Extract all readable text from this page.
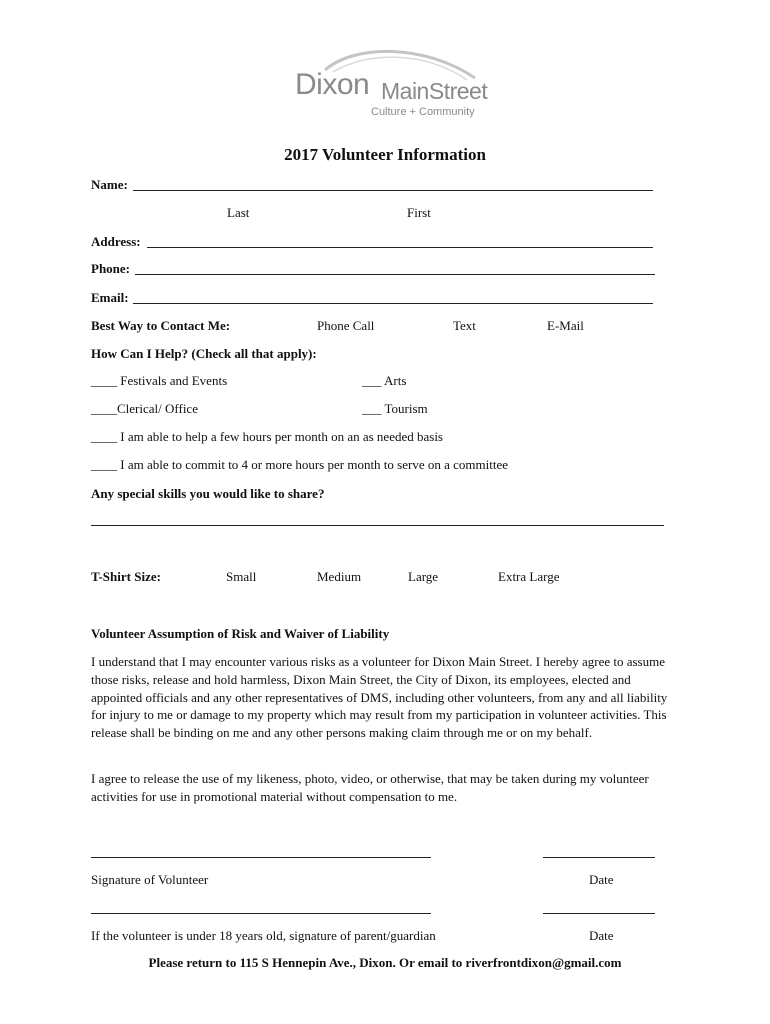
Dixon MainStreet
Culture + Community
2017 Volunteer Information
Name:
Last	First
Address:
Phone:
Email:
Best Way to Contact Me:	Phone Call	Text	E-Mail
How Can I Help? (Check all that apply):
____ Festivals and Events	___ Arts
____Clerical/ Office	___ Tourism
____ I am able to help a few hours per month on an as needed basis
____ I am able to commit to 4 or more hours per month to serve on a committee
Any special skills you would like to share?
T-Shirt Size:	Small	Medium	Large	Extra Large
Volunteer Assumption of Risk and Waiver of Liability
I understand that I may encounter various risks as a volunteer for Dixon Main Street. I hereby agree to assume those risks, release and hold harmless, Dixon Main Street, the City of Dixon, its employees, elected and appointed officials and any other representatives of DMS, including other volunteers, from any and all liability for injury to me or damage to my property which may result from my participation in volunteer activities. This release shall be binding on me and any other persons making claim through me or on my behalf.
I agree to release the use of my likeness, photo, video, or otherwise, that may be taken during my volunteer activities for use in promotional material without compensation to me.
Signature of Volunteer	Date
If the volunteer is under 18 years old, signature of parent/guardian	Date
Please return to 115 S Hennepin Ave., Dixon. Or email to riverfrontdixon@gmail.com
